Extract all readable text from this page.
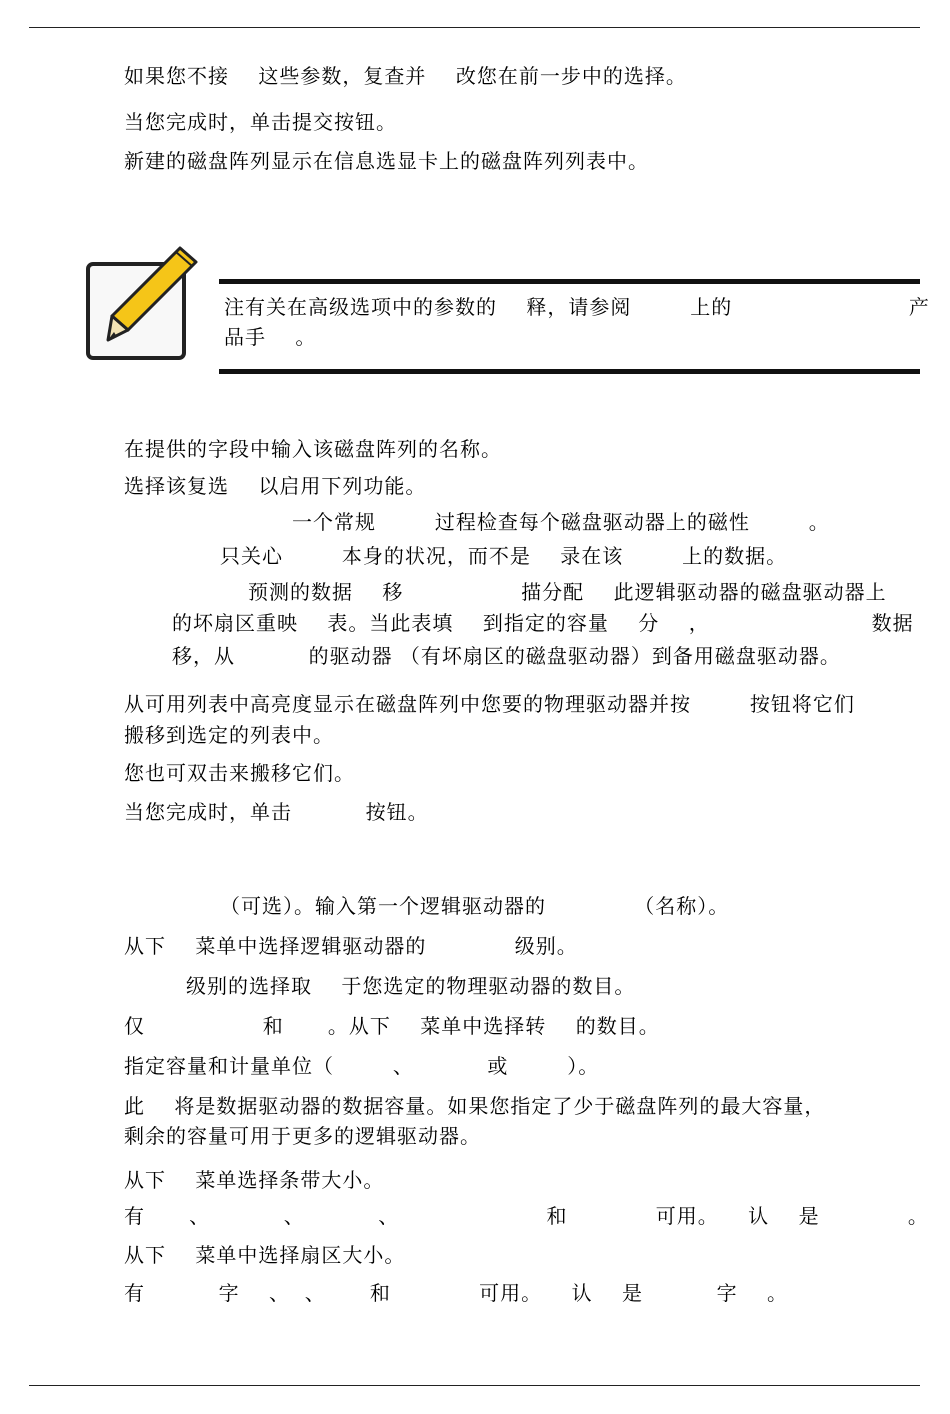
如果您不接    这些参数，复查并    改您在前一步中的选择。

当您完成时，单击提交按钮。

新建的磁盘阵列显示在信息选显卡上的磁盘阵列列表中。

注有关在高级选项中的参数的    释，请参阅        上的                        产
品手    。

在提供的字段中输入该磁盘阵列的名称。

选择该复选    以启用下列功能。

一个常规        过程检查每个磁盘驱动器上的磁性        。

只关心        本身的状况，而不是    录在该        上的数据。

预测的数据    移                描分配    此逻辑驱动器的磁盘驱动器上

的坏扇区重映    表。当此表填    到指定的容量    分    ，                      数据

移，从          的驱动器 （有坏扇区的磁盘驱动器）到备用磁盘驱动器。

从可用列表中高亮度显示在磁盘阵列中您要的物理驱动器并按        按钮将它们

搬移到选定的列表中。

您也可双击来搬移它们。

当您完成时，单击          按钮。

（可选）。输入第一个逻辑驱动器的            （名称）。

从下    菜单中选择逻辑驱动器的            级别。

级别的选择取    于您选定的物理驱动器的数目。

仅                和      。从下    菜单中选择转    的数目。

指定容量和计量单位（        、          或        ）。

此    将是数据驱动器的数据容量。如果您指定了少于磁盘阵列的最大容量，

剩余的容量可用于更多的逻辑驱动器。

从下    菜单选择条带大小。

有      、          、          、                    和            可用。    认    是            。

从下    菜单中选择扇区大小。

有          字    、  、      和            可用。    认    是          字    。
